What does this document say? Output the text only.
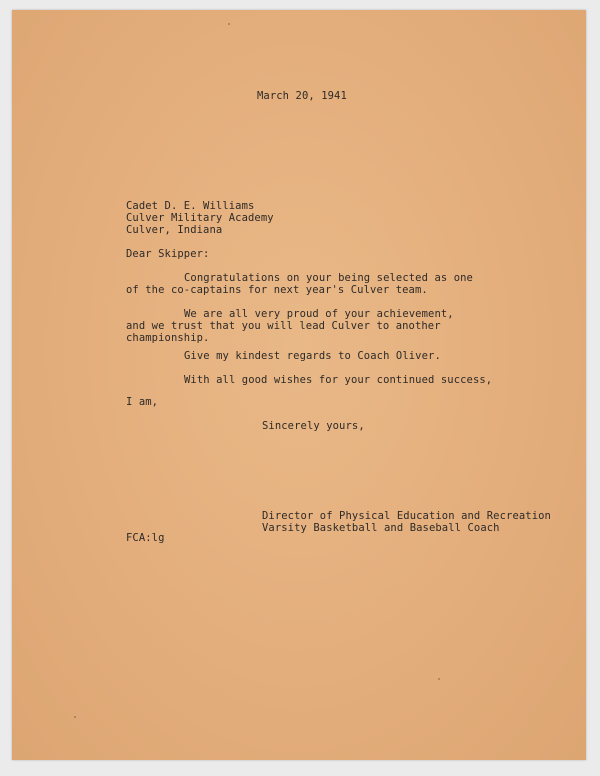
March 20, 1941

Cadet D. E. Williams

Culver Military Academy

Culver, Indiana

Dear Skipper:

Congratulations on your being selected as one

of the co-captains for next year's Culver team.

We are all very proud of your achievement,

and we trust that you will lead Culver to another

championship.

Give my kindest regards to Coach Oliver.

With all good wishes for your continued success,

I am,

Sincerely yours,

Director of Physical Education and Recreation

Varsity Basketball and Baseball Coach

FCA:lg
